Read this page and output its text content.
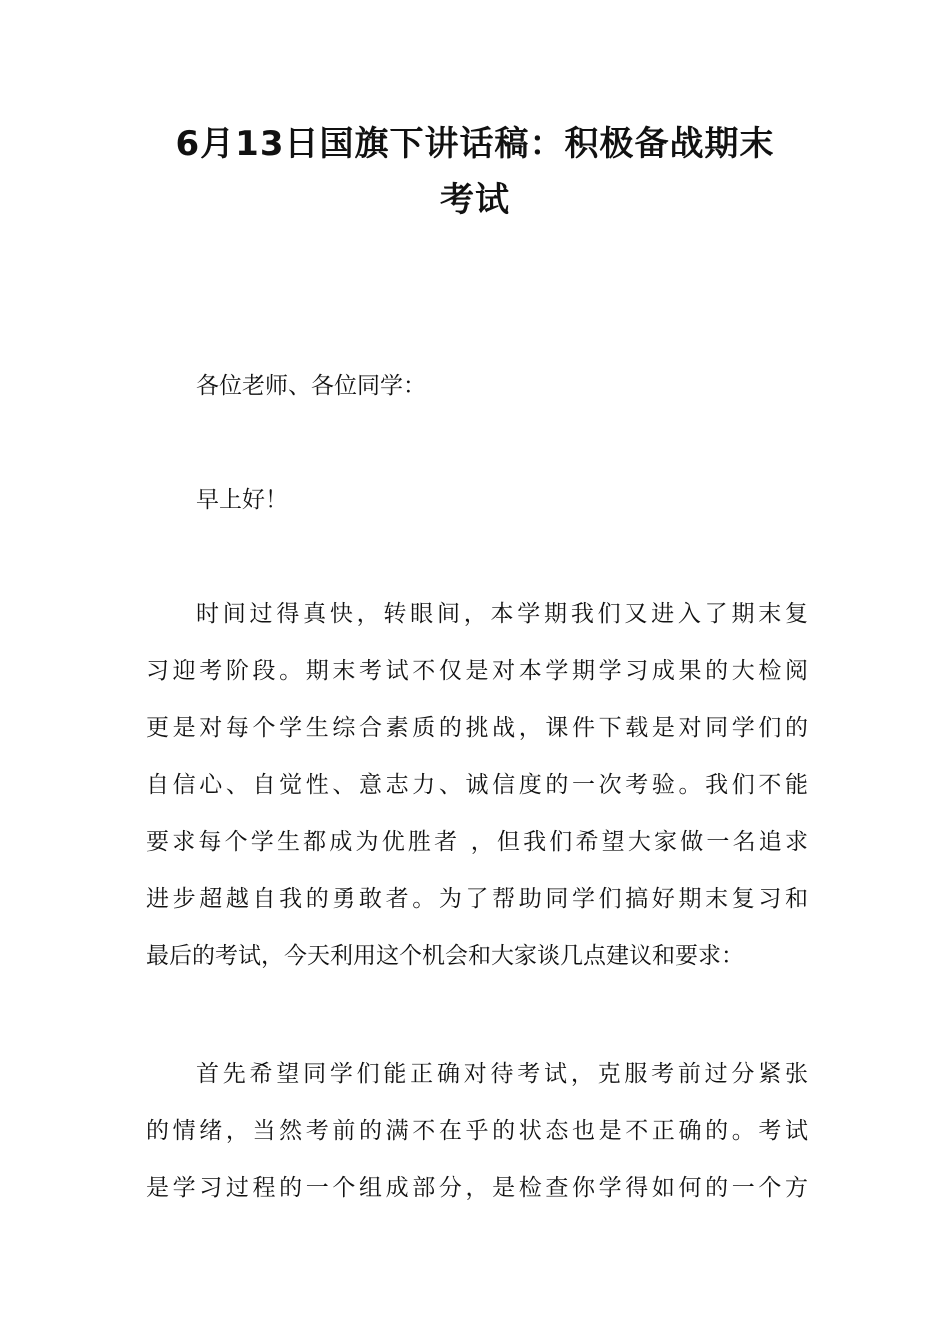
6月13日国旗下讲话稿：积极备战期末
考试

各位老师、各位同学：

早上好！

时间过得真快，转眼间，本学期我们又进入了期末复
习迎考阶段。期末考试不仅是对本学期学习成果的大检阅
更是对每个学生综合素质的挑战，课件下载是对同学们的
自信心、自觉性、意志力、诚信度的一次考验。我们不能
要求每个学生都成为优胜者 ，但我们希望大家做一名追求
进步超越自我的勇敢者。为了帮助同学们搞好期末复习和
最后的考试，今天利用这个机会和大家谈几点建议和要求：

首先希望同学们能正确对待考试，克服考前过分紧张
的情绪，当然考前的满不在乎的状态也是不正确的。考试
是学习过程的一个组成部分，是检查你学得如何的一个方
